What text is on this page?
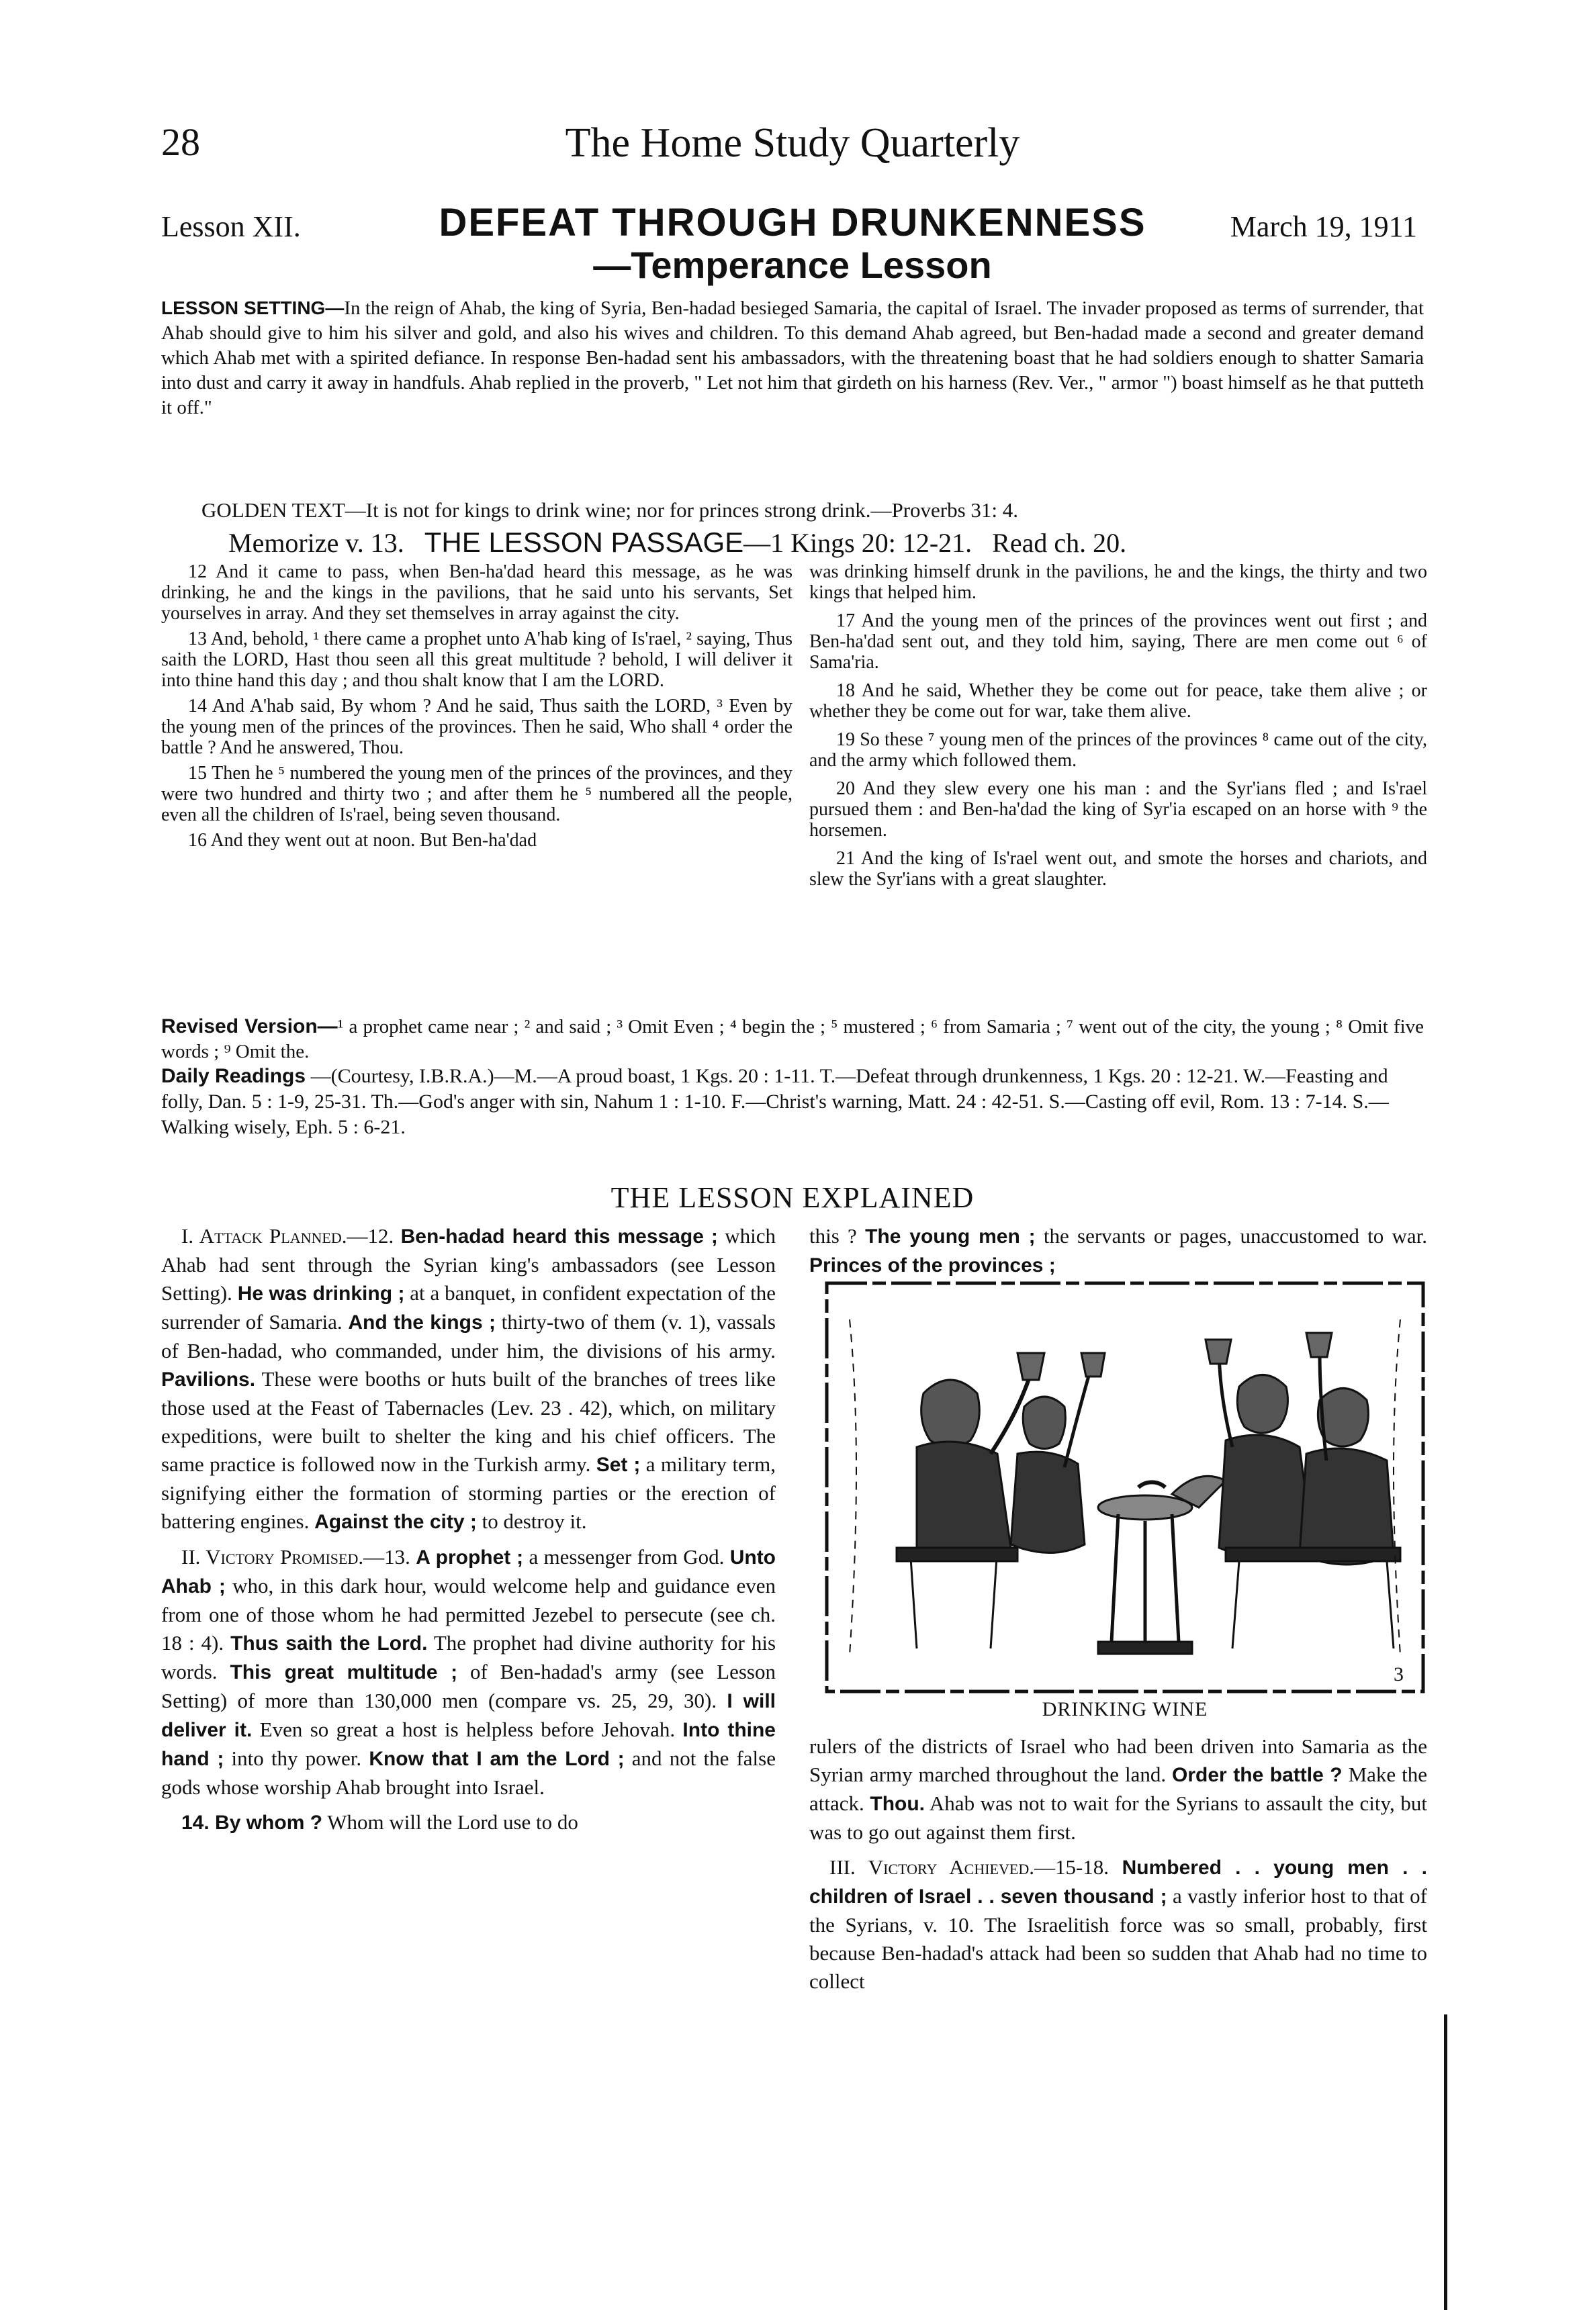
28	The Home Study Quarterly
Lesson XII.	DEFEAT THROUGH DRUNKENNESS
—Temperance Lesson
March 19, 1911
LESSON SETTING—In the reign of Ahab, the king of Syria, Ben-hadad besieged Samaria, the capital of Israel. The invader proposed as terms of surrender, that Ahab should give to him his silver and gold, and also his wives and children. To this demand Ahab agreed, but Ben-hadad made a second and greater demand which Ahab met with a spirited defiance. In response Ben-hadad sent his ambassadors, with the threatening boast that he had soldiers enough to shatter Samaria into dust and carry it away in handfuls. Ahab replied in the proverb, " Let not him that girdeth on his harness (Rev. Ver., " armor ") boast himself as he that putteth it off."
GOLDEN TEXT—It is not for kings to drink wine; nor for princes strong drink.—Proverbs 31: 4.
Memorize v. 13. THE LESSON PASSAGE—1 Kings 20: 12-21. Read ch. 20.
12 And it came to pass, when Ben-ha'dad heard this message, as he was drinking, he and the kings in the pavilions, that he said unto his servants, Set yourselves in array. And they set themselves in array against the city.
13 And, behold, ¹ there came a prophet unto A'hab king of Is'rael, ² saying, Thus saith the LORD, Hast thou seen all this great multitude ? behold, I will deliver it into thine hand this day ; and thou shalt know that I am the LORD.
14 And A'hab said, By whom ? And he said, Thus saith the LORD, ³ Even by the young men of the princes of the provinces. Then he said, Who shall ⁴ order the battle ? And he answered, Thou.
15 Then he ⁵ numbered the young men of the princes of the provinces, and they were two hundred and thirty two ; and after them he ⁵ numbered all the people, even all the children of Is'rael, being seven thousand.
16 And they went out at noon. But Ben-ha'dad
was drinking himself drunk in the pavilions, he and the kings, the thirty and two kings that helped him.
17 And the young men of the princes of the provinces went out first ; and Ben-ha'dad sent out, and they told him, saying, There are men come out ⁶ of Sama'ria.
18 And he said, Whether they be come out for peace, take them alive ; or whether they be come out for war, take them alive.
19 So these ⁷ young men of the princes of the provinces ⁸ came out of the city, and the army which followed them.
20 And they slew every one his man : and the Syr'ians fled ; and Is'rael pursued them : and Ben-ha'dad the king of Syr'ia escaped on an horse with ⁹ the horsemen.
21 And the king of Is'rael went out, and smote the horses and chariots, and slew the Syr'ians with a great slaughter.
Revised Version—¹ a prophet came near ; ² and said ; ³ Omit Even ; ⁴ begin the ; ⁵ mustered ; ⁶ from Samaria ; ⁷ went out of the city, the young ; ⁸ Omit five words ; ⁹ Omit the.
Daily Readings —(Courtesy, I.B.R.A.)—M.—A proud boast, 1 Kgs. 20 : 1-11. T.—Defeat through drunkenness, 1 Kgs. 20 : 12-21. W.—Feasting and folly, Dan. 5 : 1-9, 25-31. Th.—God's anger with sin, Nahum 1 : 1-10. F.—Christ's warning, Matt. 24 : 42-51. S.—Casting off evil, Rom. 13 : 7-14. S.—Walking wisely, Eph. 5 : 6-21.
THE LESSON EXPLAINED
I. Attack Planned.—12. Ben-hadad heard this message ; which Ahab had sent through the Syrian king's ambassadors (see Lesson Setting). He was drinking ; at a banquet, in confident expectation of the surrender of Samaria. And the kings ; thirty-two of them (v. 1), vassals of Ben-hadad, who commanded, under him, the divisions of his army. Pavilions. These were booths or huts built of the branches of trees like those used at the Feast of Tabernacles (Lev. 23 . 42), which, on military expeditions, were built to shelter the king and his chief officers. The same practice is followed now in the Turkish army. Set ; a military term, signifying either the formation of storming parties or the erection of battering engines. Against the city ; to destroy it.
II. Victory Promised.—13. A prophet ; a messenger from God. Unto Ahab ; who, in this dark hour, would welcome help and guidance even from one of those whom he had permitted Jezebel to persecute (see ch. 18 : 4). Thus saith the Lord. The prophet had divine authority for his words. This great multitude ; of Ben-hadad's army (see Lesson Setting) of more than 130,000 men (compare vs. 25, 29, 30). I will deliver it. Even so great a host is helpless before Jehovah. Into thine hand ; into thy power. Know that I am the Lord ; and not the false gods whose worship Ahab brought into Israel.
14. By whom ? Whom will the Lord use to do
this ? The young men ; the servants or pages, unaccustomed to war. Princes of the provinces ;
3
DRINKING WINE
rulers of the districts of Israel who had been driven into Samaria as the Syrian army marched throughout the land. Order the battle ? Make the attack. Thou. Ahab was not to wait for the Syrians to assault the city, but was to go out against them first.
III. Victory Achieved.—15-18. Numbered . . young men . . children of Israel . . seven thousand ; a vastly inferior host to that of the Syrians, v. 10. The Israelitish force was so small, probably, first because Ben-hadad's attack had been so sudden that Ahab had no time to collect
